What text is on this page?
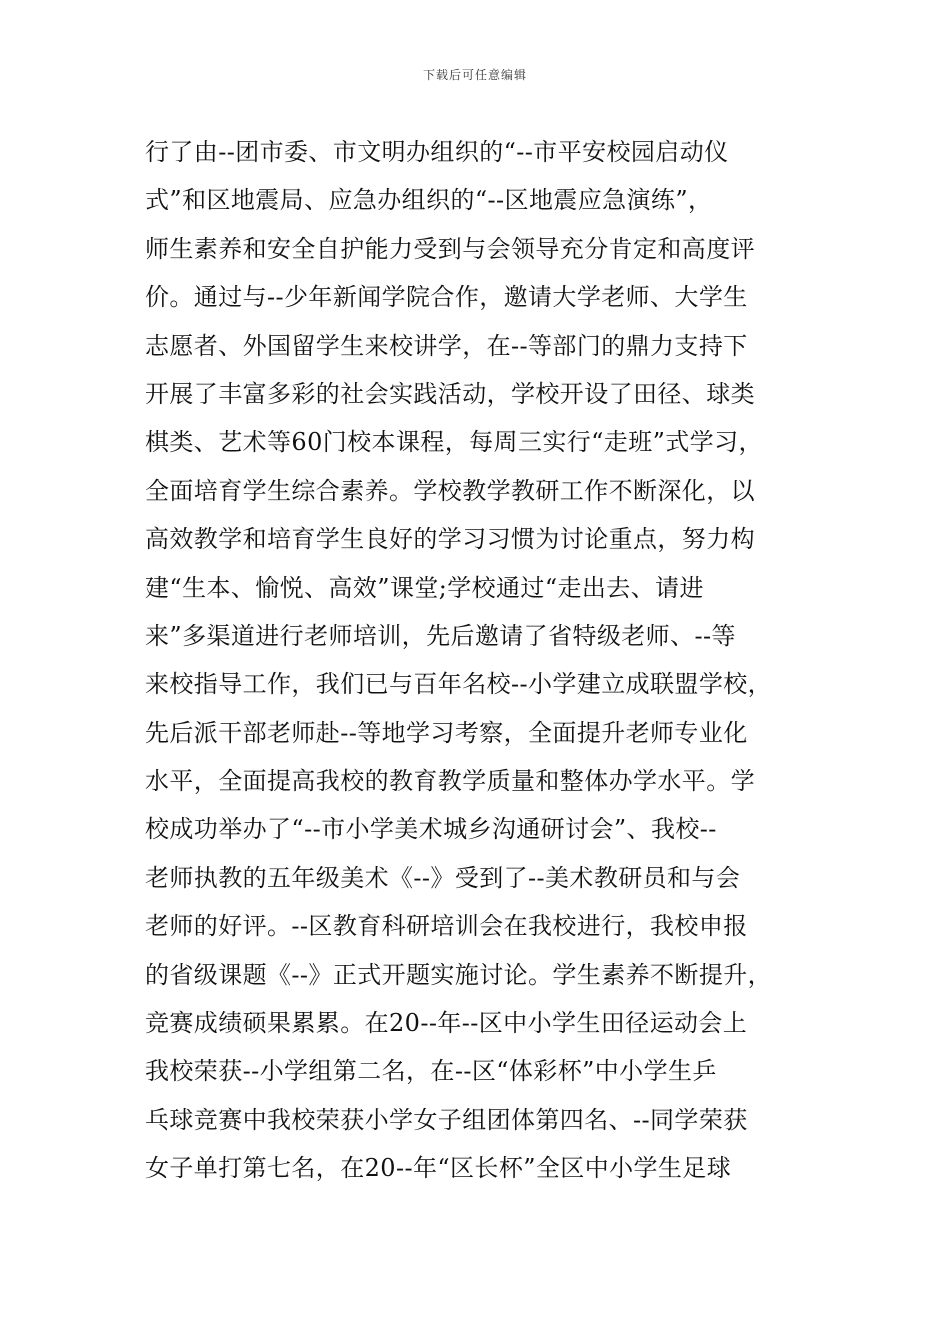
下载后可任意编辑
行了由--团市委、市文明办组织的“--市平安校园启动仪
式”和区地震局、应急办组织的“--区地震应急演练”，
师生素养和安全自护能力受到与会领导充分肯定和高度评
价。通过与--少年新闻学院合作，邀请大学老师、大学生
志愿者、外国留学生来校讲学，在--等部门的鼎力支持下
开展了丰富多彩的社会实践活动，学校开设了田径、球类
棋类、艺术等60门校本课程，每周三实行“走班”式学习，
全面培育学生综合素养。学校教学教研工作不断深化，以
高效教学和培育学生良好的学习习惯为讨论重点，努力构
建“生本、愉悦、高效”课堂;学校通过“走出去、请进
来”多渠道进行老师培训，先后邀请了省特级老师、--等
来校指导工作，我们已与百年名校--小学建立成联盟学校，
先后派干部老师赴--等地学习考察，全面提升老师专业化
水平，全面提高我校的教育教学质量和整体办学水平。学
校成功举办了“--市小学美术城乡沟通研讨会”、我校--
老师执教的五年级美术《--》受到了--美术教研员和与会
老师的好评。--区教育科研培训会在我校进行，我校申报
的省级课题《--》正式开题实施讨论。学生素养不断提升，
竞赛成绩硕果累累。在20--年--区中小学生田径运动会上
我校荣获--小学组第二名，在--区“体彩杯”中小学生乒
乓球竞赛中我校荣获小学女子组团体第四名、--同学荣获
女子单打第七名，在20--年“区长杯”全区中小学生足球
